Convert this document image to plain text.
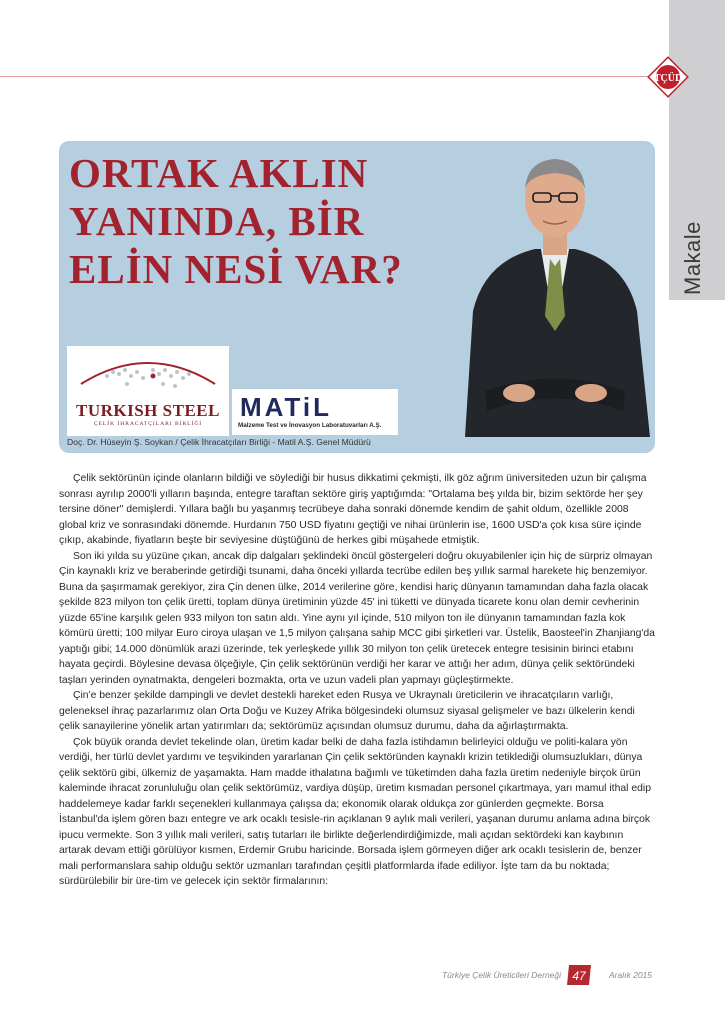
Makale
TÇÜD
ORTAK AKLIN
YANINDA, BİR
ELİN NESİ VAR?
TURKISH STEEL
ÇELİK İHRACATÇILARI BİRLİĞİ
MATiL
Malzeme Test ve İnovasyon Laboratuvarları A.Ş.
Doç. Dr. Hüseyin Ş. Soykan / Çelik İhracatçıları Birliği - Matil A.Ş. Genel Müdürü

Çelik sektörünün içinde olanların bildiği ve söylediği bir husus dikkatimi çekmişti, ilk göz ağrım üniversiteden uzun bir çalışma sonrası ayrılıp 2000'li yılların başında, entegre taraftan sektöre giriş yaptığımda: "Ortalama beş yılda bir, bizim sektörde her şey tersine döner" demişlerdi. Yıllara bağlı bu yaşanmış tecrübeye daha sonraki dönemde kendim de şahit oldum, özellikle 2008 global kriz ve sonrasındaki dönemde. Hurdanın 750 USD fiyatını geçtiği ve nihai ürünlerin ise, 1600 USD'a çok kısa süre içinde çıkıp, akabinde, fiyatların beşte bir seviyesine düştüğünü de herkes gibi müşahede etmiştik.

Son iki yılda su yüzüne çıkan, ancak dip dalgaları şeklindeki öncül göstergeleri doğru okuyabilenler için hiç de sürpriz olmayan Çin kaynaklı kriz ve beraberinde getirdiği tsunami, daha önceki yıllarda tecrübe edilen beş yıllık sarmal harekete hiç benzemiyor. Buna da şaşırmamak gerekiyor, zira Çin denen ülke, 2014 verilerine göre, kendisi hariç dünyanın tamamından daha fazla olacak şekilde 823 milyon ton çelik üretti, toplam dünya üretiminin yüzde 45' ini tüketti ve dünyada ticarete konu olan demir cevherinin yüzde 65'ine karşılık gelen 933 milyon ton satın aldı. Yine aynı yıl içinde, 510 milyon ton ile dünyanın tamamından fazla kok kömürü üretti; 100 milyar Euro ciroya ulaşan ve 1,5 milyon çalışana sahip MCC gibi şirketleri var. Üstelik, Baosteel'in Zhanjiang'da yaptığı gibi; 14.000 dönümlük arazi üzerinde, tek yerleşkede yıllık 30 milyon ton çelik üretecek entegre tesisinin birinci etabını hayata geçirdi. Böylesine devasa ölçeğiyle, Çin çelik sektörünün verdiği her karar ve attığı her adım, dünya çelik sektöründeki taşları yerinden oynatmakta, dengeleri bozmakta, orta ve uzun vadeli plan yapmayı güçleştirmekte.

Çin'e benzer şekilde dampingli ve devlet destekli hareket eden Rusya ve Ukraynalı üreticilerin ve ihracatçıların varlığı, geleneksel ihraç pazarlarımız olan Orta Doğu ve Kuzey Afrika bölgesindeki olumsuz siyasal gelişmeler ve bazı ülkelerin kendi çelik sanayilerine yönelik artan yatırımları da; sektörümüz açısından olumsuz durumu, daha da ağırlaştırmakta.

Çok büyük oranda devlet tekelinde olan, üretim kadar belki de daha fazla istihdamın belirleyici olduğu ve politi-kalara yön verdiği, her türlü devlet yardımı ve teşvikinden yararlanan Çin çelik sektöründen kaynaklı krizin tetiklediği olumsuzlukları, dünya çelik sektörü gibi, ülkemiz de yaşamakta. Ham madde ithalatına bağımlı ve tüketimden daha fazla üretim nedeniyle birçok ürün kaleminde ihracat zorunluluğu olan çelik sektörümüz, vardiya düşüp, üretim kısmadan personel çıkartmaya, yarı mamul ithal edip haddelemeye kadar farklı seçenekleri kullanmaya çalışsa da; ekonomik olarak oldukça zor günlerden geçmekte. Borsa İstanbul'da işlem gören bazı entegre ve ark ocaklı tesisle-rin açıklanan 9 aylık mali verileri, yaşanan durumu anlama adına birçok ipucu vermekte. Son 3 yıllık mali verileri, satış tutarları ile birlikte değerlendirdiğimizde, mali açıdan sektördeki kan kaybının artarak devam ettiği görülüyor kısmen, Erdemir Grubu haricinde. Borsada işlem görmeyen diğer ark ocaklı tesislerin de, benzer mali performanslara sahip olduğu sektör uzmanları tarafından çeşitli platformlarda ifade ediliyor. İşte tam da bu noktada; sürdürülebilir bir üre-tim ve gelecek için sektör firmalarının:

Türkiye Çelik Üreticileri Derneği 47	Aralık 2015
